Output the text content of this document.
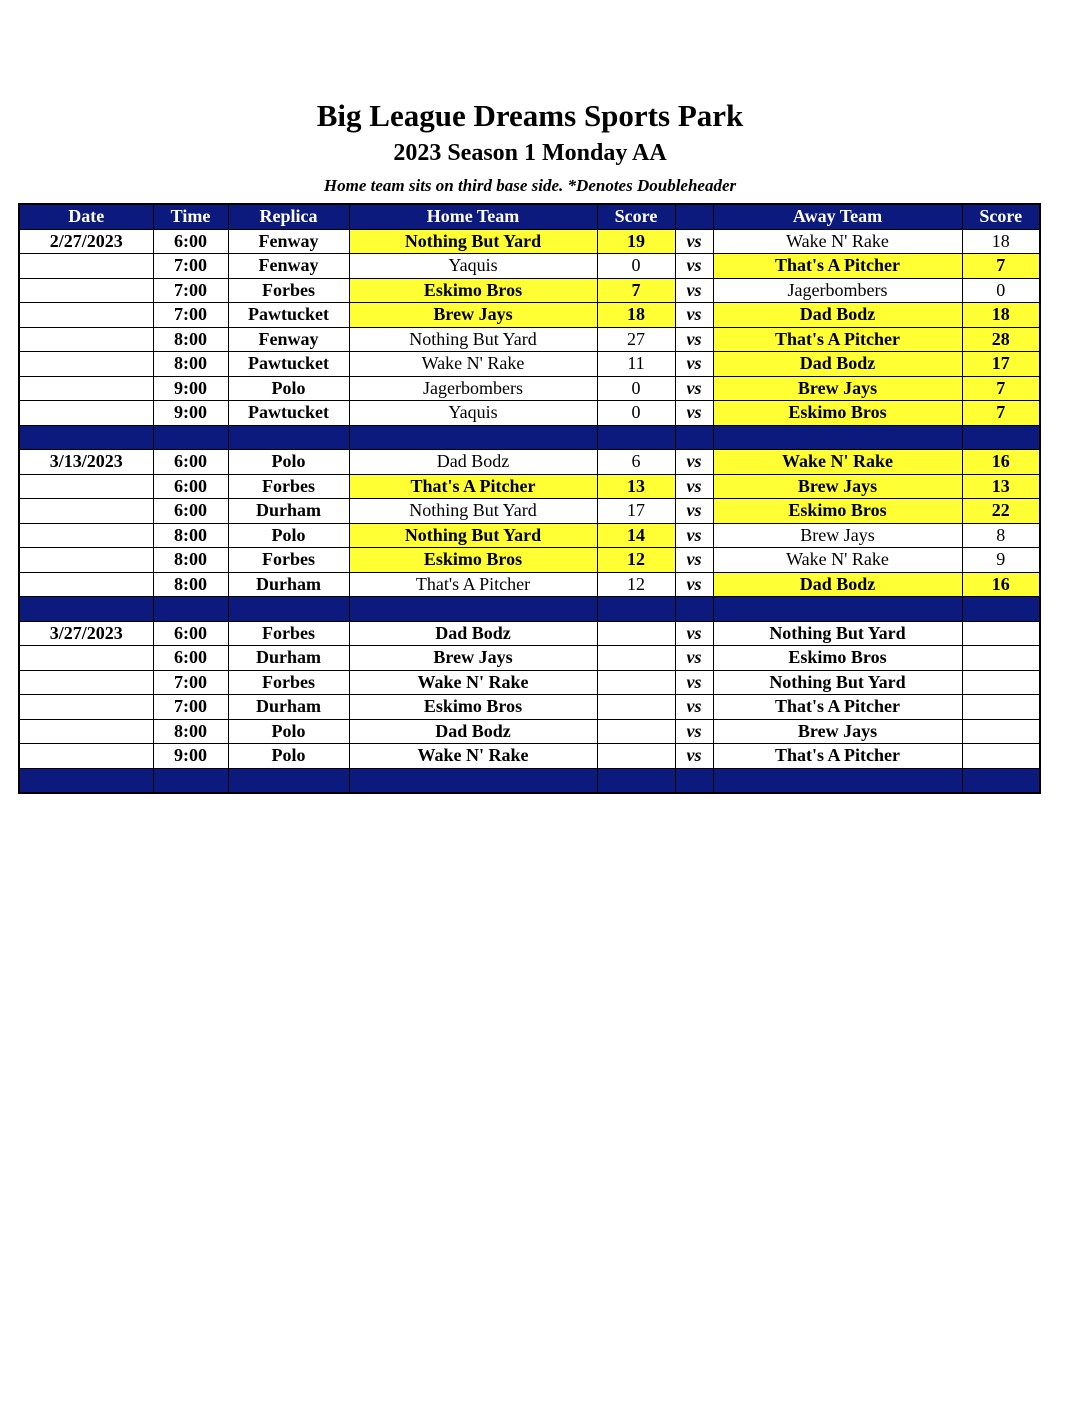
Big League Dreams Sports Park
2023 Season 1 Monday AA
Home team sits on third base side. *Denotes Doubleheader
Date	Time	Replica	Home Team	Score		Away Team	Score
2/27/2023	6:00	Fenway	Nothing But Yard	19	vs	Wake N' Rake	18
	7:00	Fenway	Yaquis	0	vs	That's A Pitcher	7
	7:00	Forbes	Eskimo Bros	7	vs	Jagerbombers	0
	7:00	Pawtucket	Brew Jays	18	vs	Dad Bodz	18
	8:00	Fenway	Nothing But Yard	27	vs	That's A Pitcher	28
	8:00	Pawtucket	Wake N' Rake	11	vs	Dad Bodz	17
	9:00	Polo	Jagerbombers	0	vs	Brew Jays	7
	9:00	Pawtucket	Yaquis	0	vs	Eskimo Bros	7

3/13/2023	6:00	Polo	Dad Bodz	6	vs	Wake N' Rake	16
	6:00	Forbes	That's A Pitcher	13	vs	Brew Jays	13
	6:00	Durham	Nothing But Yard	17	vs	Eskimo Bros	22
	8:00	Polo	Nothing But Yard	14	vs	Brew Jays	8
	8:00	Forbes	Eskimo Bros	12	vs	Wake N' Rake	9
	8:00	Durham	That's A Pitcher	12	vs	Dad Bodz	16

3/27/2023	6:00	Forbes	Dad Bodz		vs	Nothing But Yard	
	6:00	Durham	Brew Jays		vs	Eskimo Bros	
	7:00	Forbes	Wake N' Rake		vs	Nothing But Yard	
	7:00	Durham	Eskimo Bros		vs	That's A Pitcher	
	8:00	Polo	Dad Bodz		vs	Brew Jays	
	9:00	Polo	Wake N' Rake		vs	That's A Pitcher	
